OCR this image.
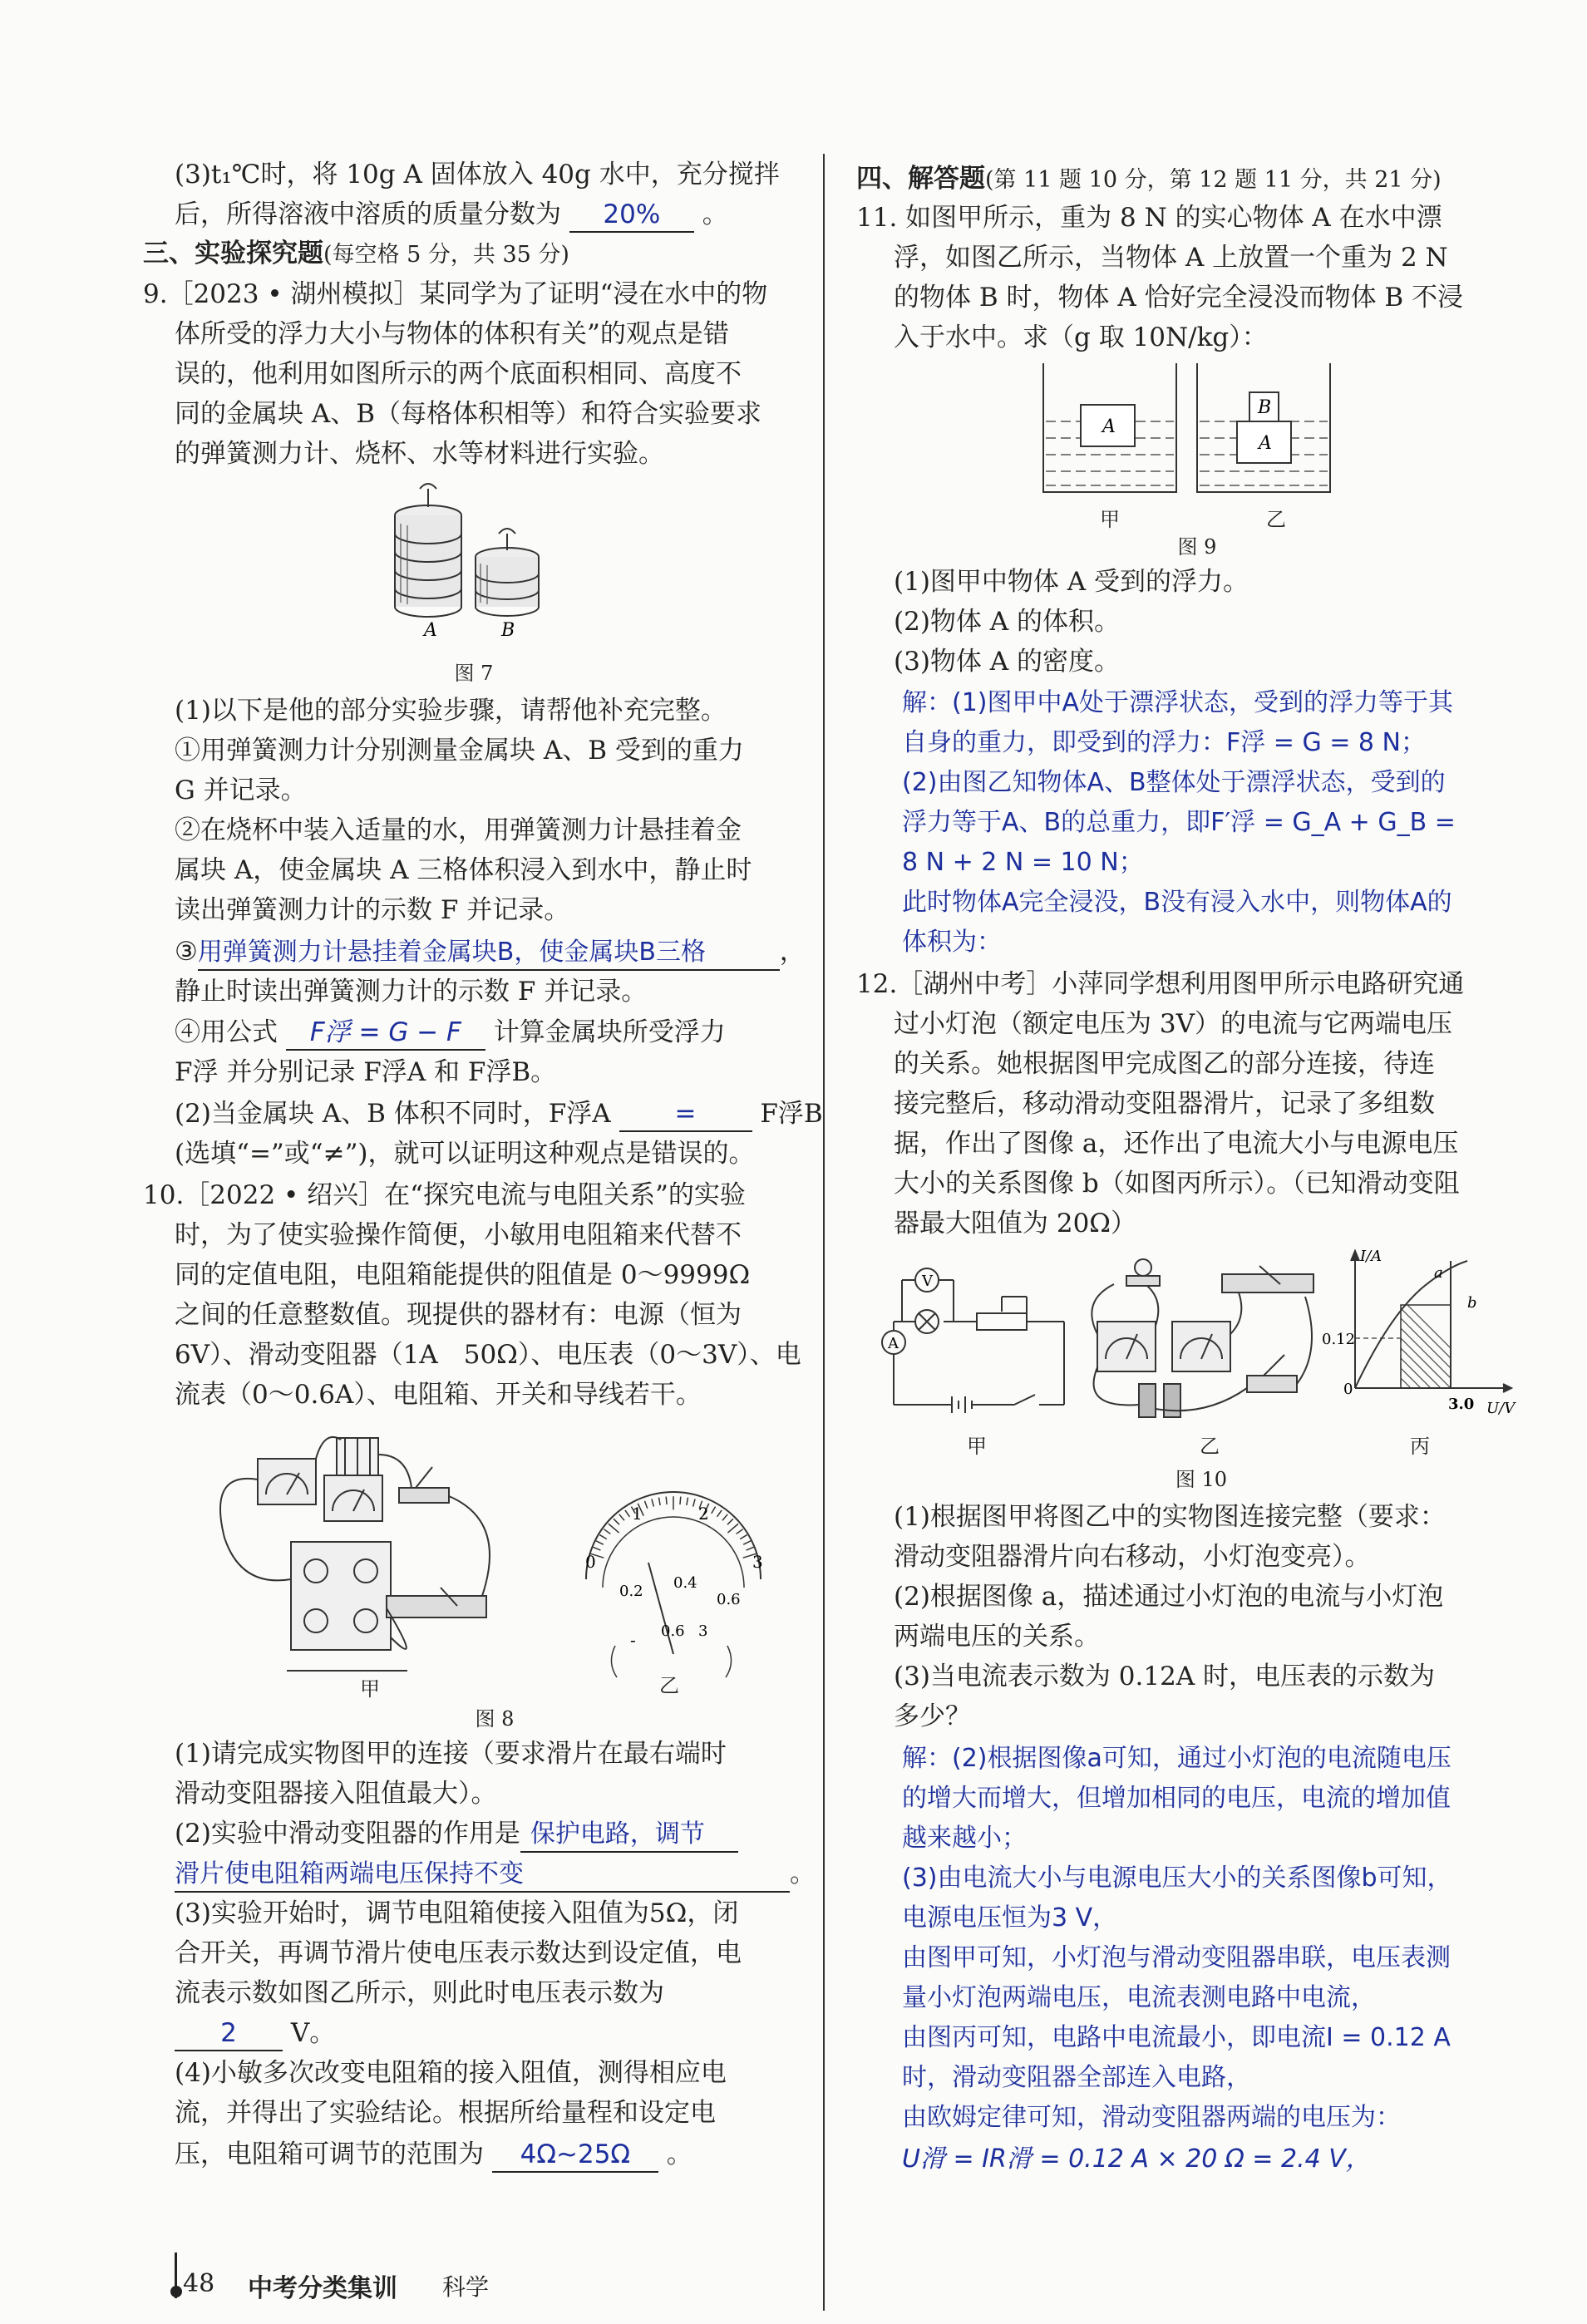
(3)t₁℃时，将 10g A 固体放入 40g 水中，充分搅拌
后，所得溶液中溶质的质量分数为 20% 。
三、实验探究题(每空格 5 分，共 35 分)
9.［2023 • 湖州模拟］某同学为了证明“浸在水中的物
体所受的浮力大小与物体的体积有关”的观点是错
误的，他利用如图所示的两个底面积相同、高度不
同的金属块 A、B（每格体积相等）和符合实验要求
的弹簧测力计、烧杯、水等材料进行实验。
A	B
图 7
(1)以下是他的部分实验步骤，请帮他补充完整。
①用弹簧测力计分别测量金属块 A、B 受到的重力
G 并记录。
②在烧杯中装入适量的水，用弹簧测力计悬挂着金
属块 A，使金属块 A 三格体积浸入到水中，静止时
读出弹簧测力计的示数 F 并记录。
③用弹簧测力计悬挂着金属块B，使金属块B三格	，
静止时读出弹簧测力计的示数 F 并记录。
④用公式 F浮 = G − F 计算金属块所受浮力
F浮 并分别记录 F浮A 和 F浮B。
(2)当金属块 A、B 体积不同时，F浮A = F浮B
(选填“=”或“≠”)，就可以证明这种观点是错误的。
10.［2022 • 绍兴］在“探究电流与电阻关系”的实验
时，为了使实验操作简便，小敏用电阻箱来代替不
同的定值电阻，电阻箱能提供的阻值是 0～9999Ω
之间的任意整数值。现提供的器材有：电源（恒为
6V）、滑动变阻器（1A　50Ω）、电压表（0～3V）、电
流表（0～0.6A）、电阻箱、开关和导线若干。
甲
0
1	2
3
0.2 0.4
0.6
- 0.6 3
乙
图 8
(1)请完成实物图甲的连接（要求滑片在最右端时
滑动变阻器接入阻值最大）。
(2)实验中滑动变阻器的作用是 保护电路，调节
滑片使电阻箱两端电压保持不变	。
(3)实验开始时，调节电阻箱使接入阻值为5Ω，闭
合开关，再调节滑片使电压表示数达到设定值，电
流表示数如图乙所示，则此时电压表示数为
2 V。
(4)小敏多次改变电阻箱的接入阻值，测得相应电
流，并得出了实验结论。根据所给量程和设定电
压，电阻箱可调节的范围为 4Ω~25Ω 。
48 中考分类集训 科学
四、解答题(第 11 题 10 分，第 12 题 11 分，共 21 分)
11. 如图甲所示，重为 8 N 的实心物体 A 在水中漂
浮，如图乙所示，当物体 A 上放置一个重为 2 N
的物体 B 时，物体 A 恰好完全浸没而物体 B 不浸
入于水中。求（g 取 10N/kg）：
A
B
A
甲	乙
图 9
(1)图甲中物体 A 受到的浮力。
(2)物体 A 的体积。
(3)物体 A 的密度。
解：(1)图甲中A处于漂浮状态，受到的浮力等于其
自身的重力，即受到的浮力：F浮 = G = 8 N；
(2)由图乙知物体A、B整体处于漂浮状态，受到的
浮力等于A、B的总重力，即F′浮 = G_A + G_B =
8 N + 2 N = 10 N；
此时物体A完全浸没，B没有浸入水中，则物体A的
体积为：
12.［湖州中考］小萍同学想利用图甲所示电路研究通
过小灯泡（额定电压为 3V）的电流与它两端电压
的关系。她根据图甲完成图乙的部分连接，待连
接完整后，移动滑动变阻器滑片，记录了多组数
据，作出了图像 a，还作出了电流大小与电源电压
大小的关系图像 b（如图丙所示）。（已知滑动变阻
器最大阻值为 20Ω）
V
A
甲	乙
I/A
U/V
0
0.12
3.0
a
b
丙
图 10
(1)根据图甲将图乙中的实物图连接完整（要求：
滑动变阻器滑片向右移动，小灯泡变亮）。
(2)根据图像 a，描述通过小灯泡的电流与小灯泡
两端电压的关系。
(3)当电流表示数为 0.12A 时，电压表的示数为
多少？
解：(2)根据图像a可知，通过小灯泡的电流随电压
的增大而增大，但增加相同的电压，电流的增加值
越来越小；
(3)由电流大小与电源电压大小的关系图像b可知，
电源电压恒为3 V，
由图甲可知，小灯泡与滑动变阻器串联，电压表测
量小灯泡两端电压，电流表测电路中电流，
由图丙可知，电路中电流最小，即电流I = 0.12 A
时，滑动变阻器全部连入电路，
由欧姆定律可知，滑动变阻器两端的电压为：
U滑 = IR滑 = 0.12 A × 20 Ω = 2.4 V，
